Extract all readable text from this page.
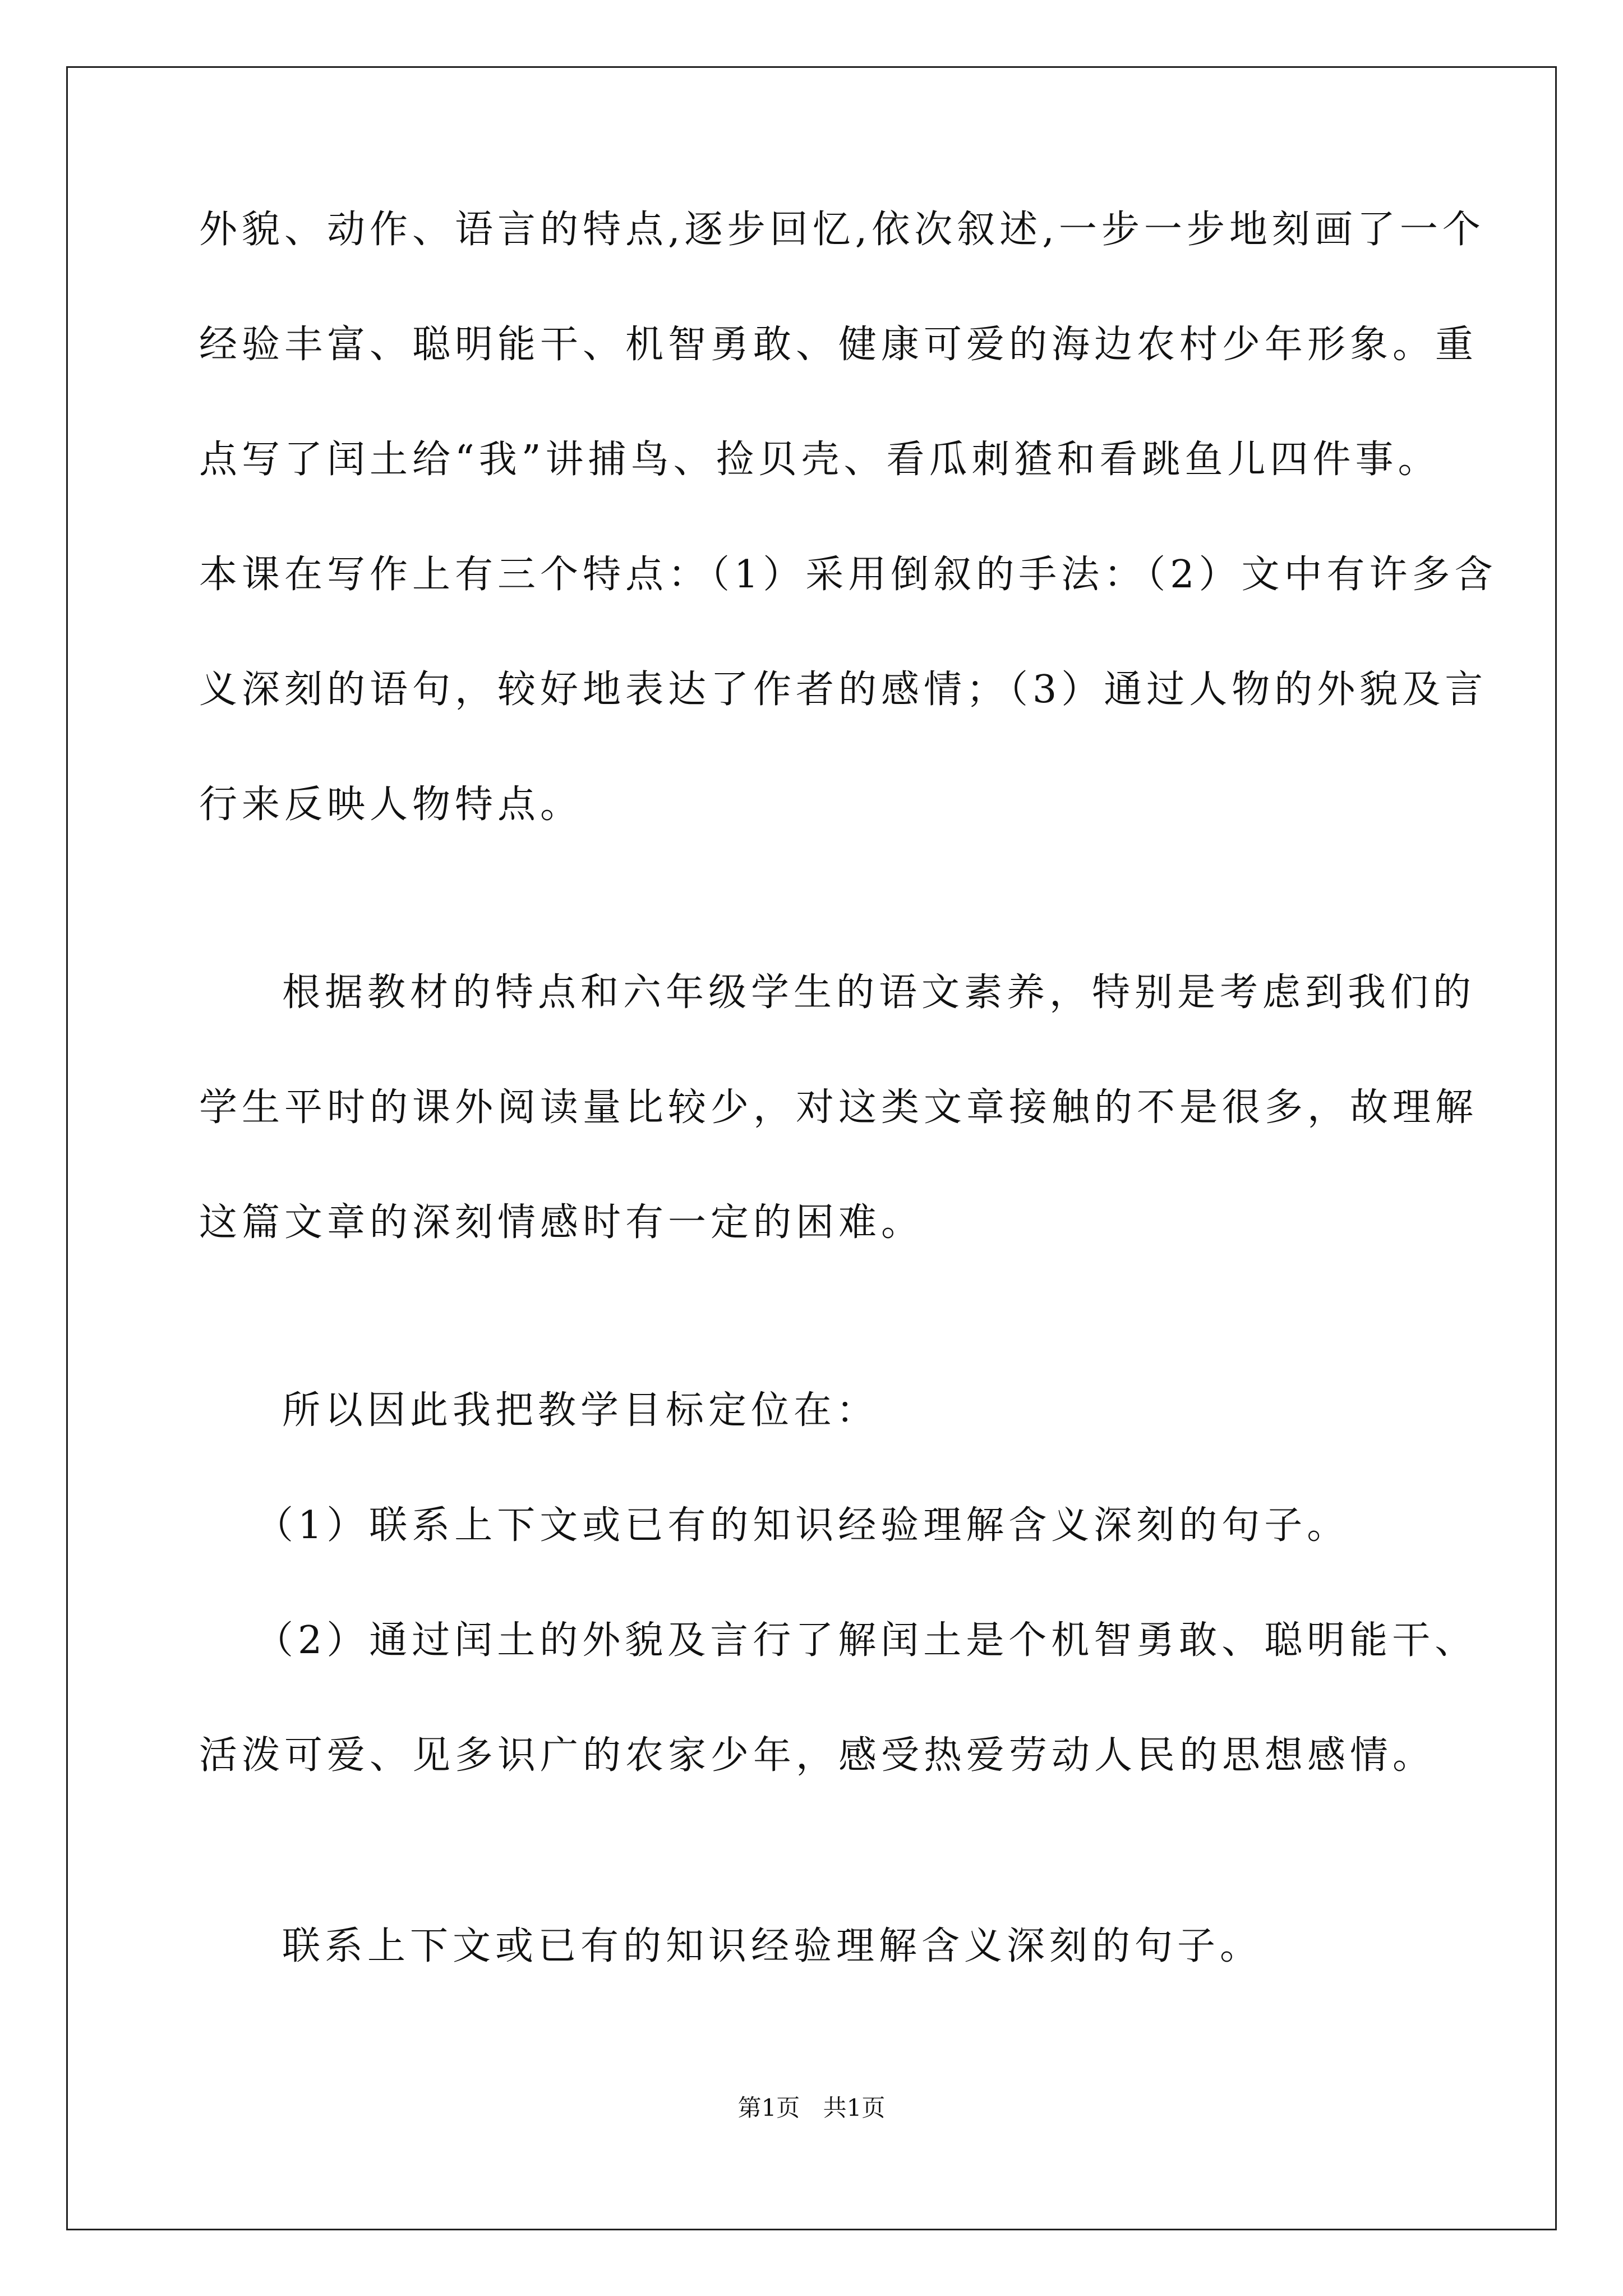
外貌、动作、语言的特点,逐步回忆,依次叙述,一步一步地刻画了一个
经验丰富、聪明能干、机智勇敢、健康可爱的海边农村少年形象。重
点写了闰土给“我”讲捕鸟、捡贝壳、看瓜刺猹和看跳鱼儿四件事。
本课在写作上有三个特点：（1）采用倒叙的手法：（2）文中有许多含
义深刻的语句，较好地表达了作者的感情；（3）通过人物的外貌及言
行来反映人物特点。
根据教材的特点和六年级学生的语文素养，特别是考虑到我们的
学生平时的课外阅读量比较少，对这类文章接触的不是很多，故理解
这篇文章的深刻情感时有一定的困难。
所以因此我把教学目标定位在：
（1）联系上下文或已有的知识经验理解含义深刻的句子。
（2）通过闰土的外貌及言行了解闰土是个机智勇敢、聪明能干、
活泼可爱、见多识广的农家少年，感受热爱劳动人民的思想感情。
联系上下文或已有的知识经验理解含义深刻的句子。
第1页 共1页
